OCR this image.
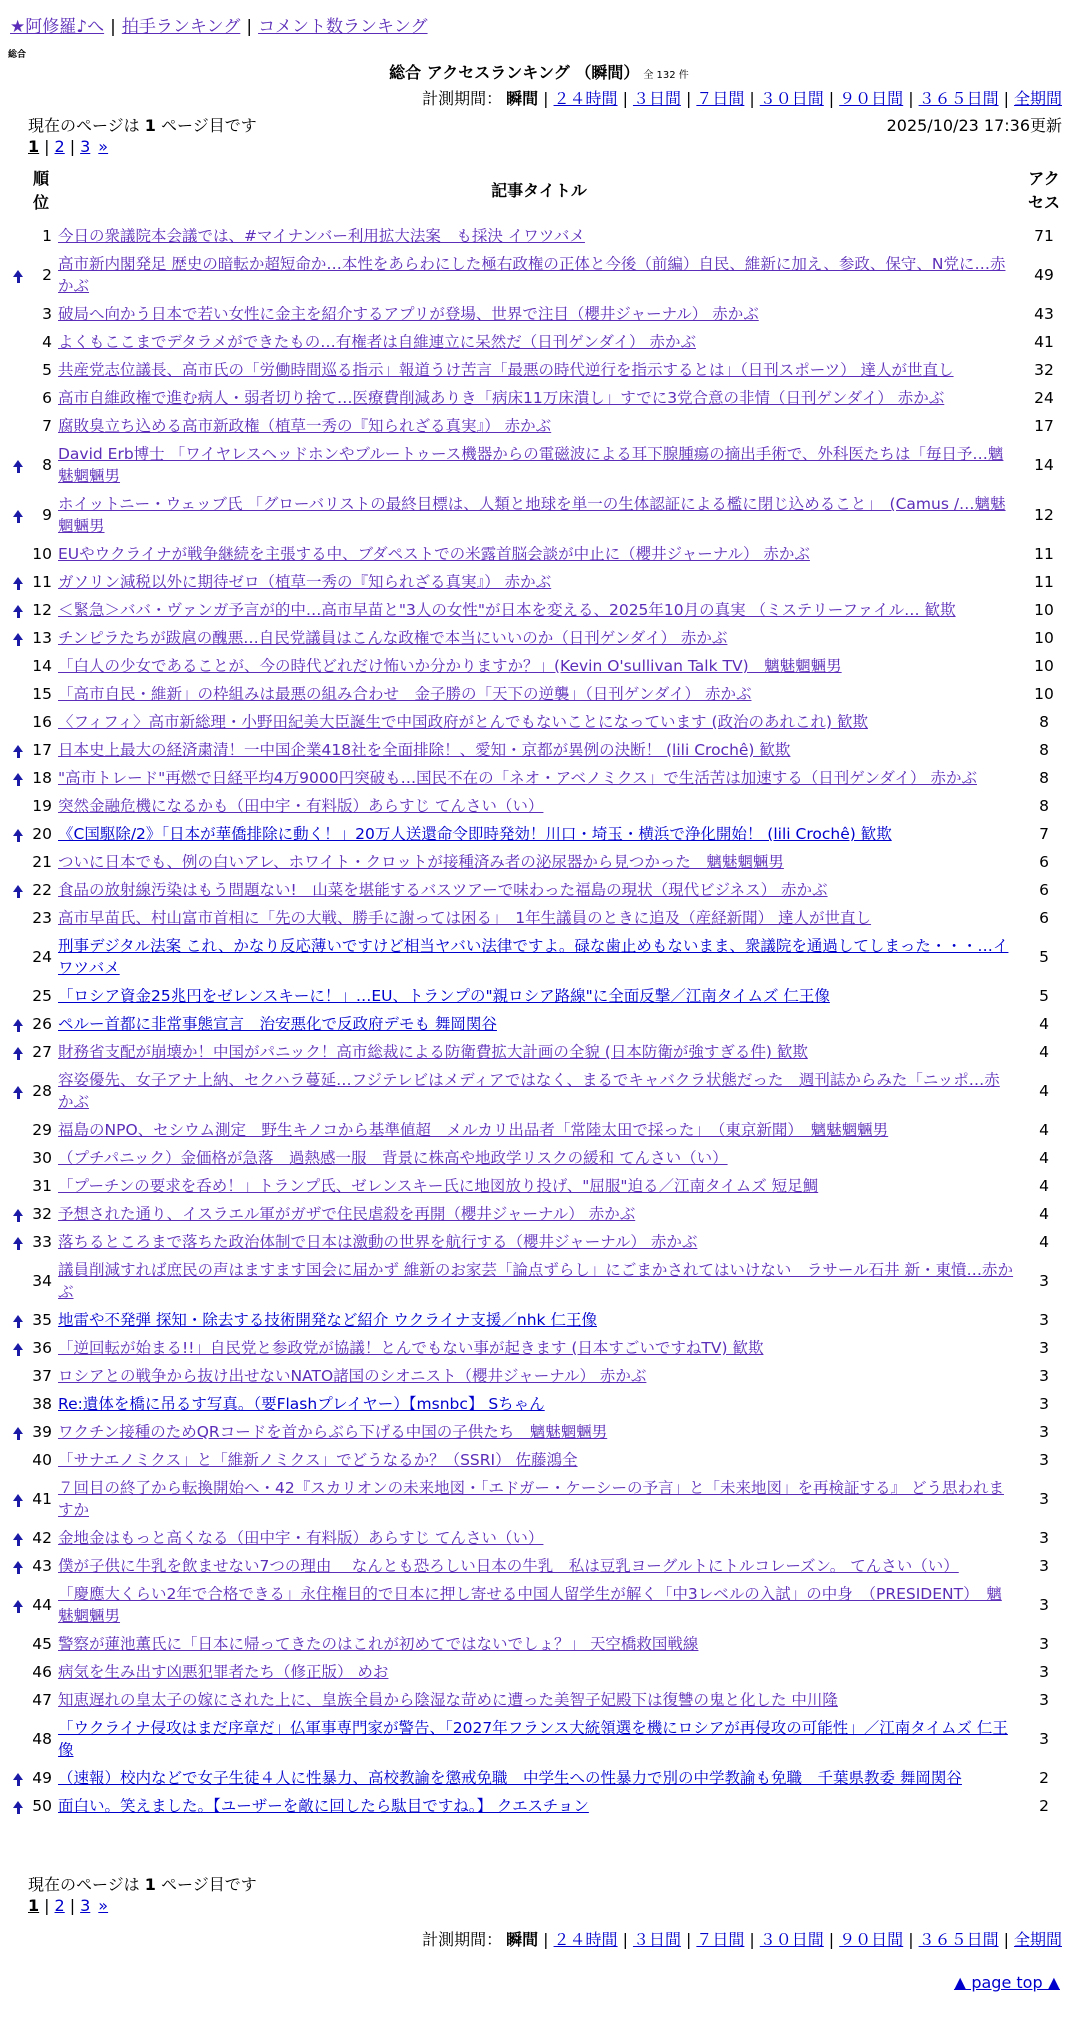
★阿修羅♪へ | 拍手ランキング | コメント数ランキング
総合
総合 アクセスランキング （瞬間） 全 132 件
計測期間： 瞬間 | ２４時間 | ３日間 | ７日間 | ３０日間 | ９０日間 | ３６５日間 | 全期間
現在のページは 1 ページ目です	2025/10/23 17:36更新
1 | 2 | 3 »
順位		記事タイトル	アクセス

	1	今日の衆議院本会議では、#マイナンバー利用拡大法案　も採決 イワツバメ	71
	2	高市新内閣発足 歴史の暗転か超短命か…本性をあらわにした極右政権の正体と今後（前編）自民、維新に加え、参政、保守、N党に…赤かぶ	49
	3	破局へ向かう日本で若い女性に金主を紹介するアプリが登場、世界で注目（櫻井ジャーナル） 赤かぶ	43
	4	よくもここまでデタラメができたもの…有権者は自維連立に呆然だ（日刊ゲンダイ） 赤かぶ	41
	5	共産党志位議長、高市氏の「労働時間巡る指示」報道うけ苦言「最悪の時代逆行を指示するとは」（日刊スポーツ） 達人が世直し	32
	6	高市自維政権で進む病人・弱者切り捨て…医療費削減ありき「病床11万床潰し」すでに3党合意の非情（日刊ゲンダイ） 赤かぶ	24
	7	腐敗臭立ち込める高市新政権（植草一秀の『知られざる真実』） 赤かぶ	17
	8	David Erb博士 「ワイヤレスヘッドホンやブルートゥース機器からの電磁波による耳下腺腫瘍の摘出手術で、外科医たちは「毎日予…魑魅魍魎男	14
	9	ホイットニー・ウェッブ氏 「グローバリストの最終目標は、人類と地球を単一の生体認証による檻に閉じ込めること」　(Camus /…魑魅魍魎男	12
	10	EUやウクライナが戦争継続を主張する中、ブダペストでの米露首脳会談が中止に（櫻井ジャーナル） 赤かぶ	11
	11	ガソリン減税以外に期待ゼロ（植草一秀の『知られざる真実』） 赤かぶ	11
	12	＜緊急＞ババ・ヴァンガ予言が的中…高市早苗と"3人の女性"が日本を変える、2025年10月の真実 （ミステリーファイル… 歓欺	10
	13	チンピラたちが跋扈の醜悪…自民党議員はこんな政権で本当にいいのか（日刊ゲンダイ） 赤かぶ	10
	14	「白人の少女であることが、今の時代どれだけ怖いか分かりますか？」(Kevin O'sullivan Talk TV)　魑魅魍魎男	10
	15	「高市自民・維新」の枠組みは最悪の組み合わせ　金子勝の「天下の逆襲」（日刊ゲンダイ） 赤かぶ	10
	16	〈フィフィ〉高市新総理・小野田紀美大臣誕生で中国政府がとんでもないことになっています (政治のあれこれ) 歓欺	8
	17	日本史上最大の経済粛清！一中国企業418社を全面排除！、愛知・京都が異例の決断！ (lili Crochê) 歓欺	8
	18	"高市トレード"再燃で日経平均4万9000円突破も…国民不在の「ネオ・アベノミクス」で生活苦は加速する（日刊ゲンダイ） 赤かぶ	8
	19	突然金融危機になるかも（田中宇・有料版）あらすじ てんさい（い）	8
	20	《C国駆除/2》「日本が華僑排除に動く！」20万人送還命令即時発効！川口・埼玉・横浜で浄化開始！ (lili Crochê) 歓欺	7
	21	ついに日本でも、例の白いアレ、ホワイト・クロットが接種済み者の泌尿器から見つかった　魑魅魍魎男	6
	22	食品の放射線汚染はもう問題ない!　山菜を堪能するバスツアーで味わった福島の現状（現代ビジネス） 赤かぶ	6
	23	高市早苗氏、村山富市首相に「先の大戦、勝手に謝っては困る」　1年生議員のときに追及（産経新聞） 達人が世直し	6
	24	刑事デジタル法案 これ、かなり反応薄いですけど相当ヤバい法律ですよ。碌な歯止めもないまま、衆議院を通過してしまった・・・…イワツバメ	5
	25	「ロシア資金25兆円をゼレンスキーに！」…EU、トランプの"親ロシア路線"に全面反撃／江南タイムズ 仁王像	5
	26	ペルー首都に非常事態宣言　治安悪化で反政府デモも 舞岡関谷	4
	27	財務省支配が崩壊か！中国がパニック！高市総裁による防衛費拡大計画の全貌 (日本防衛が強すぎる件) 歓欺	4
	28	容姿優先、女子アナ上納、セクハラ蔓延…フジテレビはメディアではなく、まるでキャバクラ状態だった　週刊誌からみた「ニッポ…赤かぶ	4
	29	福島のNPO、セシウム測定　野生キノコから基準値超　メルカリ出品者「常陸太田で採った」　（東京新聞）　魑魅魍魎男	4
	30	（プチパニック）金価格が急落　過熱感一服　背景に株高や地政学リスクの緩和 てんさい（い）	4
	31	「プーチンの要求を呑め！」トランプ氏、ゼレンスキー氏に地図放り投げ、"屈服"迫る／江南タイムズ 短足鯛	4
	32	予想された通り、イスラエル軍がガザで住民虐殺を再開（櫻井ジャーナル） 赤かぶ	4
	33	落ちるところまで落ちた政治体制で日本は激動の世界を航行する（櫻井ジャーナル） 赤かぶ	4
	34	議員削減すれば庶民の声はますます国会に届かず 維新のお家芸「論点ずらし」にごまかされてはいけない　ラサール石井 新・東憤…赤かぶ	3
	35	地雷や不発弾 探知・除去する技術開発など紹介 ウクライナ支援／nhk 仁王像	3
	36	「逆回転が始まる!!」自民党と参政党が協議！とんでもない事が起きます (日本すごいですねTV) 歓欺	3
	37	ロシアとの戦争から抜け出せないNATO諸国のシオニスト（櫻井ジャーナル） 赤かぶ	3
	38	Re:遺体を橋に吊るす写真。（要Flashプレイヤー）【msnbc】 Sちゃん	3
	39	ワクチン接種のためQRコードを首からぶら下げる中国の子供たち　魑魅魍魎男	3
	40	「サナエノミクス」と「維新ノミクス」でどうなるか？（SSRI） 佐藤鴻全	3
	41	７回目の終了から転換開始へ・42『スカリオンの未来地図・「エドガー・ケーシーの予言」と「未来地図」を再検証する』 どう思われますか	3
	42	金地金はもっと高くなる（田中宇・有料版）あらすじ てんさい（い）	3
	43	僕が子供に牛乳を飲ませない7つの理由　 なんとも恐ろしい日本の牛乳　私は豆乳ヨーグルトにトルコレーズン。 てんさい（い）	3
	44	「慶應大くらい2年で合格できる」永住権目的で日本に押し寄せる中国人留学生が解く「中3レベルの入試」の中身　（PRESIDENT）　魑魅魍魎男	3
	45	警察が蓮池薫氏に「日本に帰ってきたのはこれが初めてではないでしょ？」 天空橋救国戦線	3
	46	病気を生み出す凶悪犯罪者たち（修正版） めお	3
	47	知恵遅れの皇太子の嫁にされた上に、皇族全員から陰湿な苛めに遭った美智子妃殿下は復讐の鬼と化した 中川隆	3
	48	「ウクライナ侵攻はまだ序章だ」仏軍事専門家が警告、「2027年フランス大統領選を機にロシアが再侵攻の可能性」／江南タイムズ 仁王像	3
	49	（速報）校内などで女子生徒４人に性暴力、高校教諭を懲戒免職　中学生への性暴力で別の中学教諭も免職　千葉県教委 舞岡関谷	2
	50	面白い。笑えました。【ユーザーを敵に回したら駄目ですね。】 クエスチョン	2
現在のページは 1 ページ目です
1 | 2 | 3 »
計測期間： 瞬間 | ２４時間 | ３日間 | ７日間 | ３０日間 | ９０日間 | ３６５日間 | 全期間
▲ page top ▲
